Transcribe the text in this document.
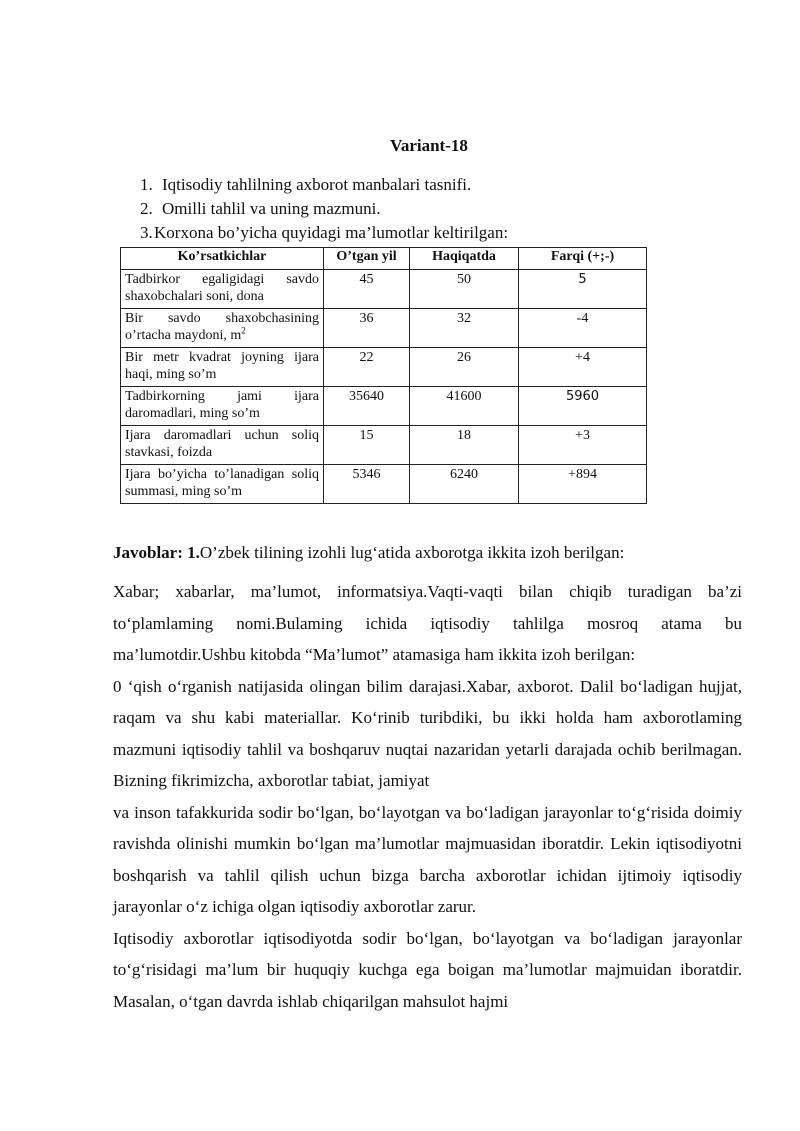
Variant-18
1. Iqtisodiy tahlilning axborot manbalari tasnifi.
2. Omilli tahlil va uning mazmuni.
3. Korxona bo’yicha quyidagi ma’lumotlar keltirilgan:
Ko’rsatkichlar	O’tgan yil	Haqiqatda	Farqi (+;-)
Tadbirkor egaligidagi savdo shaxobchalari soni, dona	45	50	5
Bir savdo shaxobchasining o’rtacha maydoni, $m^2$	36	32	-4
Bir metr kvadrat joyning ijara haqi, ming so’m	22	26	+4
Tadbirkorning jami ijara daromadlari, ming so’m	35640	41600	5960
Ijara daromadlari uchun soliq stavkasi, foizda	15	18	+3
Ijara bo’yicha to’lanadigan soliq summasi, ming so’m	5346	6240	+894

Javoblar: 1.O’zbek tilining izohli lug‘atida axborotga ikkita izoh berilgan:

Xabar; xabarlar, ma’lumot, informatsiya.Vaqti-vaqti bilan chiqib turadigan ba’zi to‘plamlaming nomi.Bulaming ichida iqtisodiy tahlilga mosroq atama bu ma’lumotdir.Ushbu kitobda “Ma’lumot” atamasiga ham ikkita izoh berilgan:

0 ‘qish o‘rganish natijasida olingan bilim darajasi.Xabar, axborot. Dalil bo‘ladigan hujjat, raqam va shu kabi materiallar. Ko‘rinib turibdiki, bu ikki holda ham axborotlaming mazmuni iqtisodiy tahlil va boshqaruv nuqtai nazaridan yetarli darajada ochib berilmagan. Bizning fikrimizcha, axborotlar tabiat, jamiyat

va inson tafakkurida sodir bo‘lgan, bo‘layotgan va bo‘ladigan jarayonlar to‘g‘risida doimiy ravishda olinishi mumkin bo‘lgan ma’lumotlar majmuasidan iboratdir. Lekin iqtisodiyotni boshqarish va tahlil qilish uchun bizga barcha axborotlar ichidan ijtimoiy iqtisodiy jarayonlar o‘z ichiga olgan iqtisodiy axborotlar zarur.

Iqtisodiy axborotlar iqtisodiyotda sodir bo‘lgan, bo‘layotgan va bo‘ladigan jarayonlar to‘g‘risidagi ma’lum bir huquqiy kuchga ega boigan ma’lumotlar majmuidan iboratdir. Masalan, o‘tgan davrda ishlab chiqarilgan mahsulot hajmi
